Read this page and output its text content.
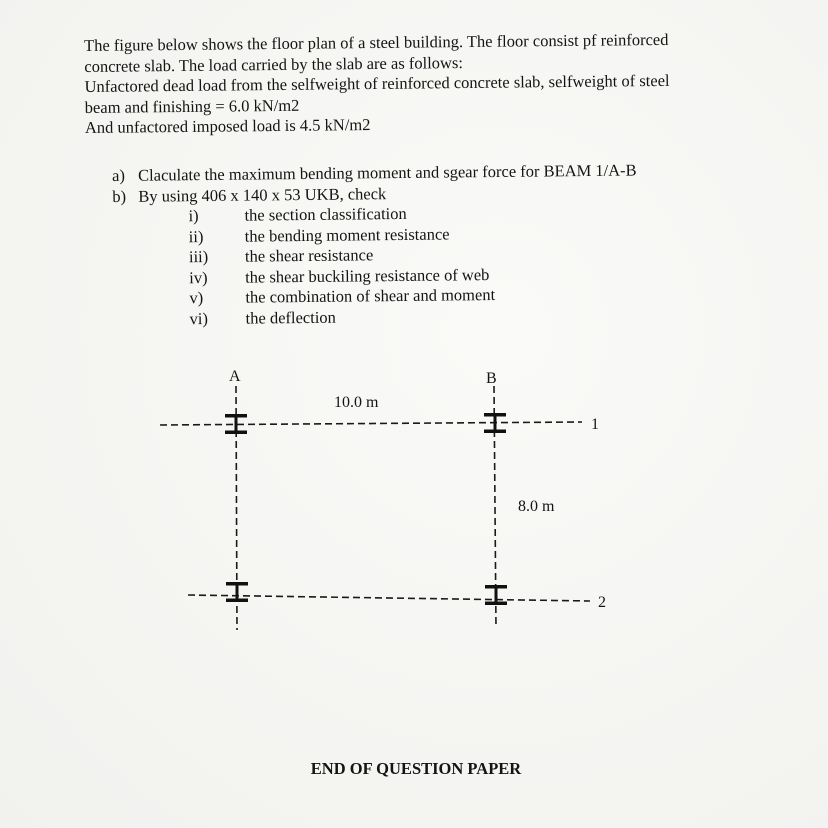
The figure below shows the floor plan of a steel building. The floor consist pf reinforced
concrete slab. The load carried by the slab are as follows:
Unfactored dead load from the selfweight of reinforced concrete slab, selfweight of steel
beam and finishing = 6.0 kN/m2
And unfactored imposed load is 4.5 kN/m2
a) Claculate the maximum bending moment and sgear force for BEAM 1/A-B
b) By using 406 x 140 x 53 UKB, check
i)	the section classification
ii)	the bending moment resistance
iii)	the shear resistance
iv)	the shear buckiling resistance of web
v)	the combination of shear and moment
vi)	the deflection
A	B
1
2
10.0 m
8.0 m
END OF QUESTION PAPER
